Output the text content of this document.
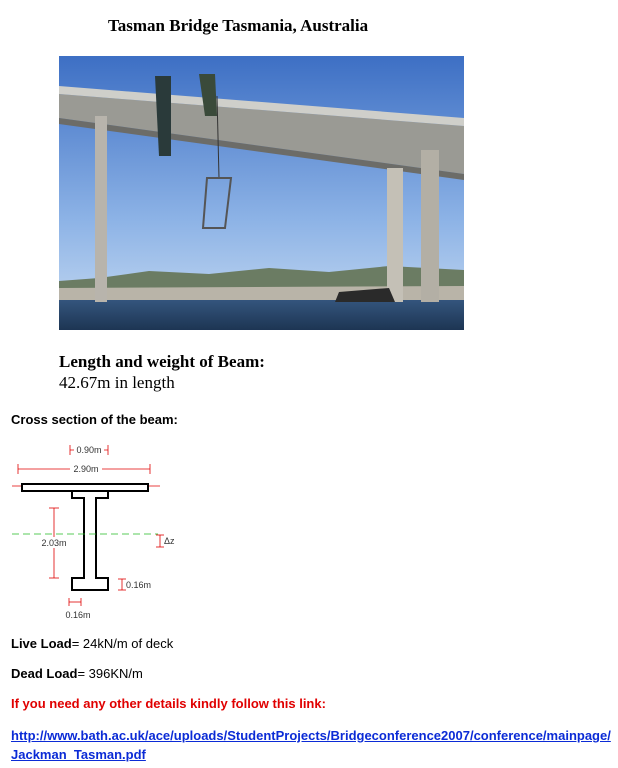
Tasman Bridge Tasmania, Australia
Length and weight of Beam:
42.67m in length
Cross section of the beam:
0.90m
2.90m
2.03m	Δz
0.16m
0.16m
Live Load= 24kN/m of deck
Dead Load= 396KN/m
If you need any other details kindly follow this link:
http://www.bath.ac.uk/ace/uploads/StudentProjects/Bridgeconference2007/conference/mainpage/Jackman_Tasman.pdf
